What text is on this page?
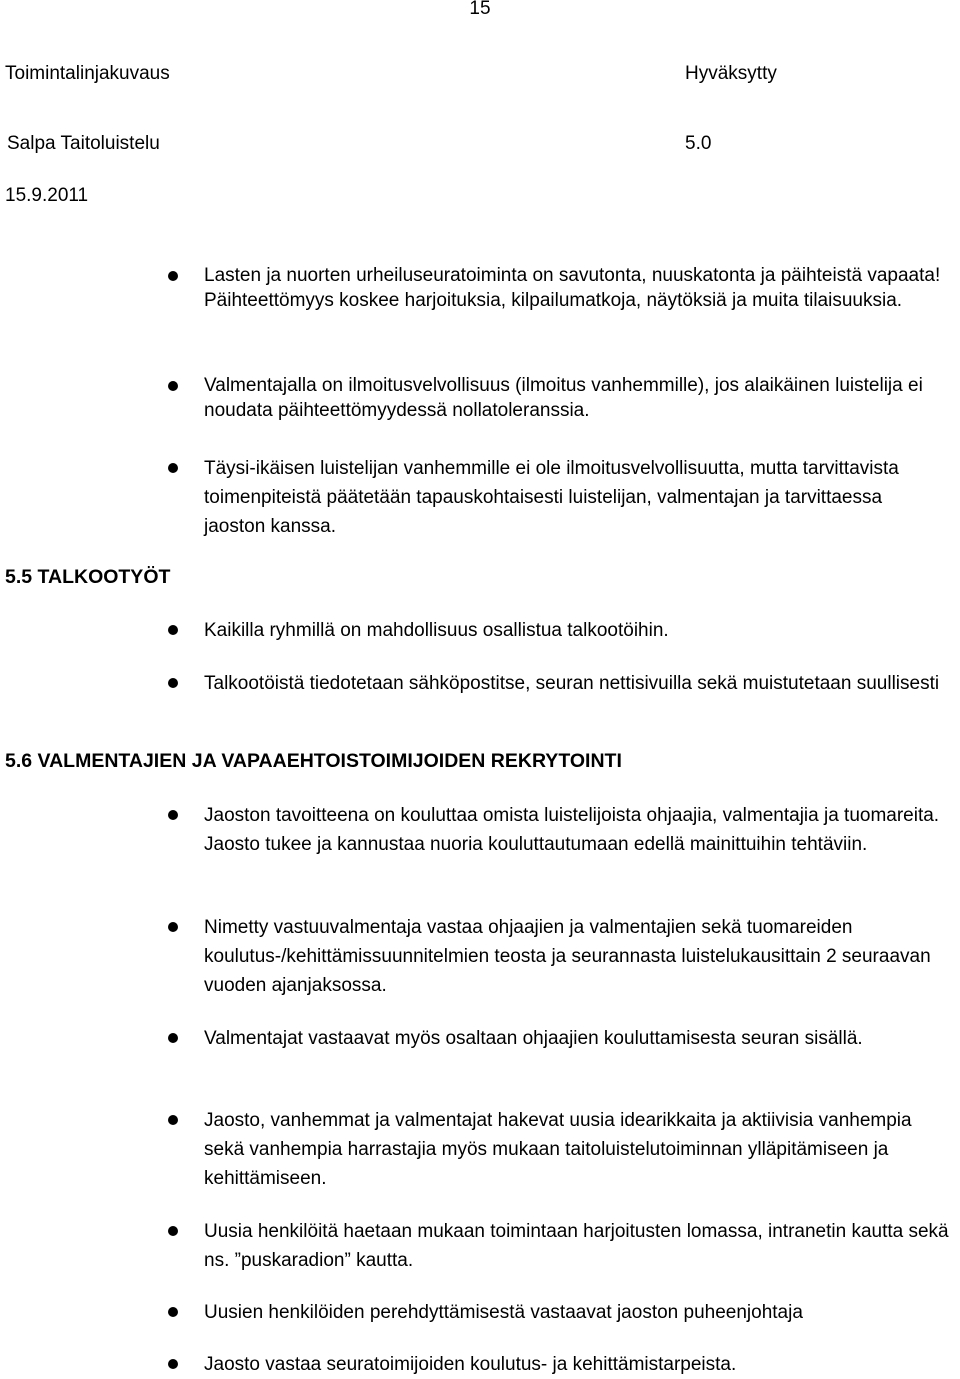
15
Toimintalinjakuvaus	Hyväksytty
Salpa Taitoluistelu	5.0
15.9.2011
Lasten ja nuorten urheiluseuratoiminta on savutonta, nuuskatonta ja päihteistä vapaata! Päihteettömyys koskee harjoituksia, kilpailumatkoja, näytöksiä ja muita tilaisuuksia.
Valmentajalla on ilmoitusvelvollisuus (ilmoitus vanhemmille), jos alaikäinen luistelija ei noudata päihteettömyydessä nollatoleranssia.
Täysi-ikäisen luistelijan vanhemmille ei ole ilmoitusvelvollisuutta, mutta tarvittavista toimenpiteistä päätetään tapauskohtaisesti luistelijan, valmentajan ja tarvittaessa jaoston kanssa.
5.5 TALKOOTYÖT
Kaikilla ryhmillä on mahdollisuus osallistua talkootöihin.
Talkootöistä tiedotetaan sähköpostitse, seuran nettisivuilla sekä muistutetaan suullisesti
5.6 VALMENTAJIEN JA VAPAAEHTOISTOIMIJOIDEN REKRYTOINTI
Jaoston tavoitteena on kouluttaa omista luistelijoista ohjaajia, valmentajia ja tuomareita. Jaosto tukee ja kannustaa nuoria kouluttautumaan edellä mainittuihin tehtäviin.
Nimetty vastuuvalmentaja vastaa ohjaajien ja valmentajien sekä tuomareiden koulutus-/kehittämissuunnitelmien teosta ja seurannasta luistelukausittain 2 seuraavan vuoden ajanjaksossa.
Valmentajat vastaavat myös osaltaan ohjaajien kouluttamisesta seuran sisällä.
Jaosto, vanhemmat ja valmentajat hakevat uusia idearikkaita ja aktiivisia vanhempia sekä vanhempia harrastajia myös mukaan taitoluistelutoiminnan ylläpitämiseen ja kehittämiseen.
Uusia henkilöitä haetaan mukaan toimintaan harjoitusten lomassa, intranetin kautta sekä ns. ”puskaradion” kautta.
Uusien henkilöiden perehdyttämisestä vastaavat jaoston puheenjohtaja
Jaosto vastaa seuratoimijoiden koulutus- ja kehittämistarpeista.
